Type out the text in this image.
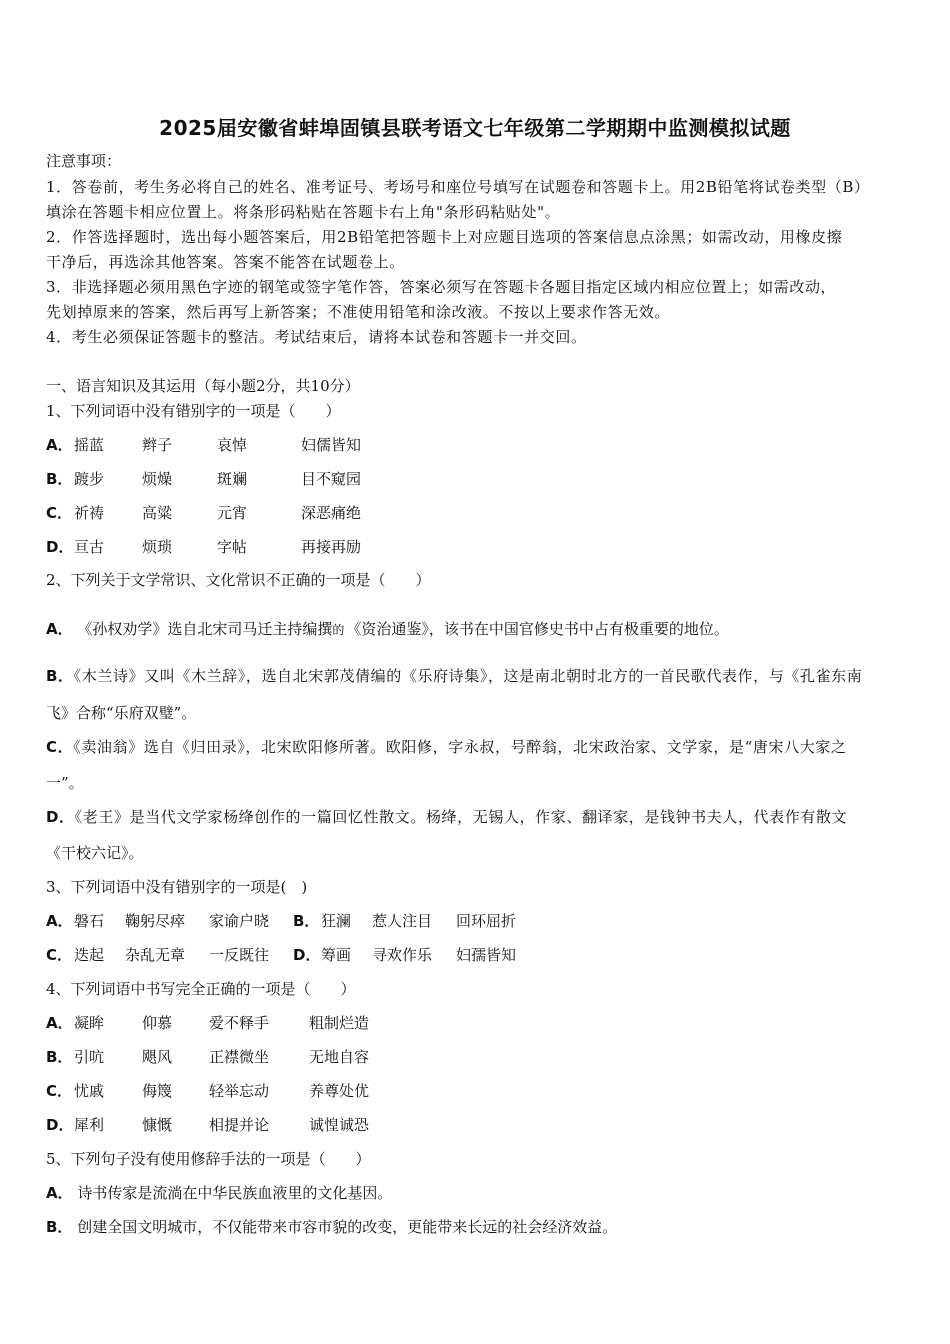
2025届安徽省蚌埠固镇县联考语文七年级第二学期期中监测模拟试题
注意事项：
1．答卷前，考生务必将自己的姓名、准考证号、考场号和座位号填写在试题卷和答题卡上。用2B铅笔将试卷类型（B）
填涂在答题卡相应位置上。将条形码粘贴在答题卡右上角"条形码粘贴处"。
2．作答选择题时，选出每小题答案后，用2B铅笔把答题卡上对应题目选项的答案信息点涂黑；如需改动，用橡皮擦
干净后，再选涂其他答案。答案不能答在试题卷上。
3．非选择题必须用黑色字迹的钢笔或签字笔作答，答案必须写在答题卡各题目指定区域内相应位置上；如需改动，
先划掉原来的答案，然后再写上新答案；不准使用铅笔和涂改液。不按以上要求作答无效。
4．考生必须保证答题卡的整洁。考试结束后，请将本试卷和答题卡一并交回。
一、语言知识及其运用（每小题2分，共10分）
1、下列词语中没有错别字的一项是（　　）
A．摇蓝	辫子	哀悼	妇儒皆知
B． 踱步	烦燥	斑斓	目不窥园
C． 祈祷	高粱	元宵	深恶痛绝
D．亘古	烦琐	字帖	再接再励
2、下列关于文学常识、文化常识不正确的一项是（　　）
A． 《孙权劝学》选自北宋司马迁主持编撰 的 《资治通鉴》，该书在中国官修史书中占有极重要的地位。
B．《木兰诗》又叫《木兰辞》，选自北宋郭茂倩编的《乐府诗集》，这是南北朝时北方的一首民歌代表作，与《孔雀东南
飞》合称“乐府双璧”。
C．《卖油翁》选自《归田录》，北宋欧阳修所著。欧阳修，字永叔，号醉翁，北宋政治家、文学家，是“唐宋八大家之
一”。
D．《老王》是当代文学家杨绛创作的一篇回忆性散文。杨绛，无锡人，作家、翻译家，是钱钟书夫人，代表作有散文
《干校六记》。
3、下列词语中没有错别字的一项是(　)
A．磐石 鞠躬尽瘁 家谕户晓 B． 狂澜 惹人注目 回环屈折
C． 迭起 杂乱无章 一反既往 D．筹画 寻欢作乐 妇孺皆知
4、下列词语中书写完全正确的一项是（　　）
A．凝眸	仰慕 爱不释手	粗制烂造
B． 引吭	飓风 正襟微坐	无地自容
C． 忧戚	侮篾 轻举忘动	养尊处优
D．犀利	慷慨 相提并论	诚惶诚恐
5、下列句子没有使用修辞手法的一项是（　　）
A． 诗书传家是流淌在中华民族血液里的文化基因。
B． 创建全国文明城市，不仅能带来市容市貌的改变，更能带来长远的社会经济效益。
